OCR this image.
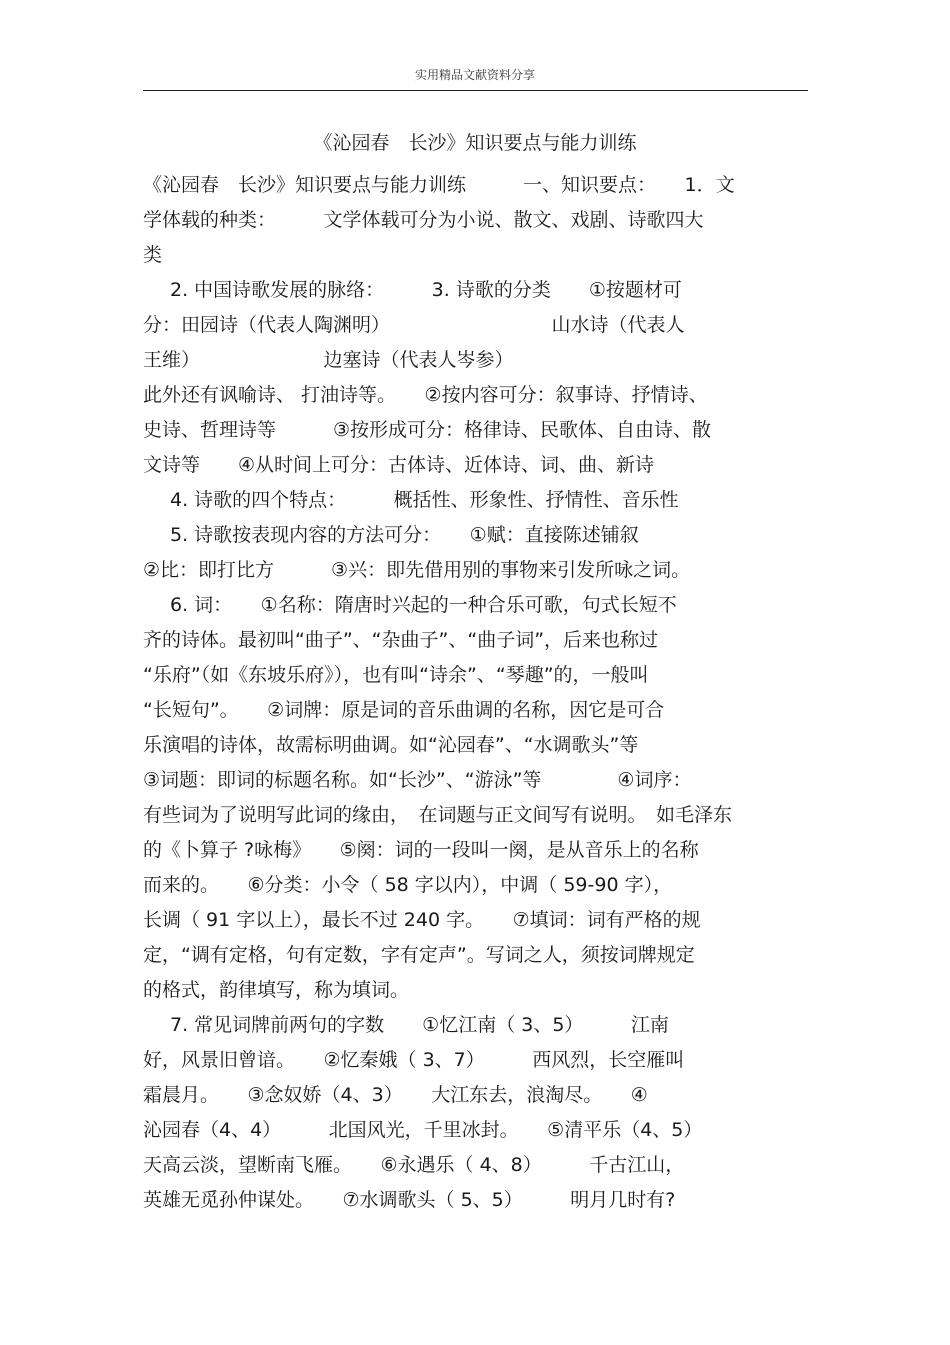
实用精品文献资料分享
《沁园春　长沙》知识要点与能力训练
《沁园春　长沙》知识要点与能力训练　　　一、知识要点：　　1．文
学体载的种类：　　　文学体载可分为小说、散文、戏剧、诗歌四大
类
2. 中国诗歌发展的脉络：　　　3. 诗歌的分类　　①按题材可
分：田园诗（代表人陶渊明）　　　　　　　　　山水诗（代表人
王维）　　　　　　　边塞诗（代表人岑参）
此外还有讽喻诗、 打油诗等。　　②按内容可分：叙事诗、抒情诗、
史诗、哲理诗等　　　③按形成可分：格律诗、民歌体、自由诗、散
文诗等　　④从时间上可分：古体诗、近体诗、词、曲、新诗
4. 诗歌的四个特点：　　　概括性、形象性、抒情性、音乐性
5. 诗歌按表现内容的方法可分：　　①赋：直接陈述铺叙
②比：即打比方　　　③兴：即先借用别的事物来引发所咏之词。
6. 词：　　①名称：隋唐时兴起的一种合乐可歌，句式长短不
齐的诗体。最初叫“曲子”、“杂曲子”、“曲子词”，后来也称过
“乐府”（如《东坡乐府》），也有叫“诗余”、“琴趣”的，一般叫
“长短句”。　　②词牌：原是词的音乐曲调的名称，因它是可合
乐演唱的诗体，故需标明曲调。如“沁园春”、“水调歌头”等
③词题：即词的标题名称。如“长沙”、“游泳”等　　　　④词序：
有些词为了说明写此词的缘由，　在词题与正文间写有说明。　如毛泽东
的《卜算子 ?咏梅》　　⑤阕：词的一段叫一阕，是从音乐上的名称
而来的。　　⑥分类：小令（ 58 字以内），中调（ 59-90 字），
长调（ 91 字以上），最长不过 240 字。　　⑦填词：词有严格的规
定，“调有定格，句有定数，字有定声”。写词之人，须按词牌规定
的格式，韵律填写，称为填词。
7. 常见词牌前两句的字数　　①忆江南（ 3、5）　　　江南
好，风景旧曾谙。　　②忆秦娥（ 3、7）　　　西风烈，长空雁叫
霜晨月。　　③念奴娇（4、3）　　大江东去，浪淘尽。　　④
沁园春（4、4）　　　北国风光，千里冰封。　　⑤清平乐（4、5）
天高云淡，望断南飞雁。　　⑥永遇乐（ 4、8）　　　千古江山，
英雄无觅孙仲谋处。　　⑦水调歌头（ 5、5）　　　明月几时有?
